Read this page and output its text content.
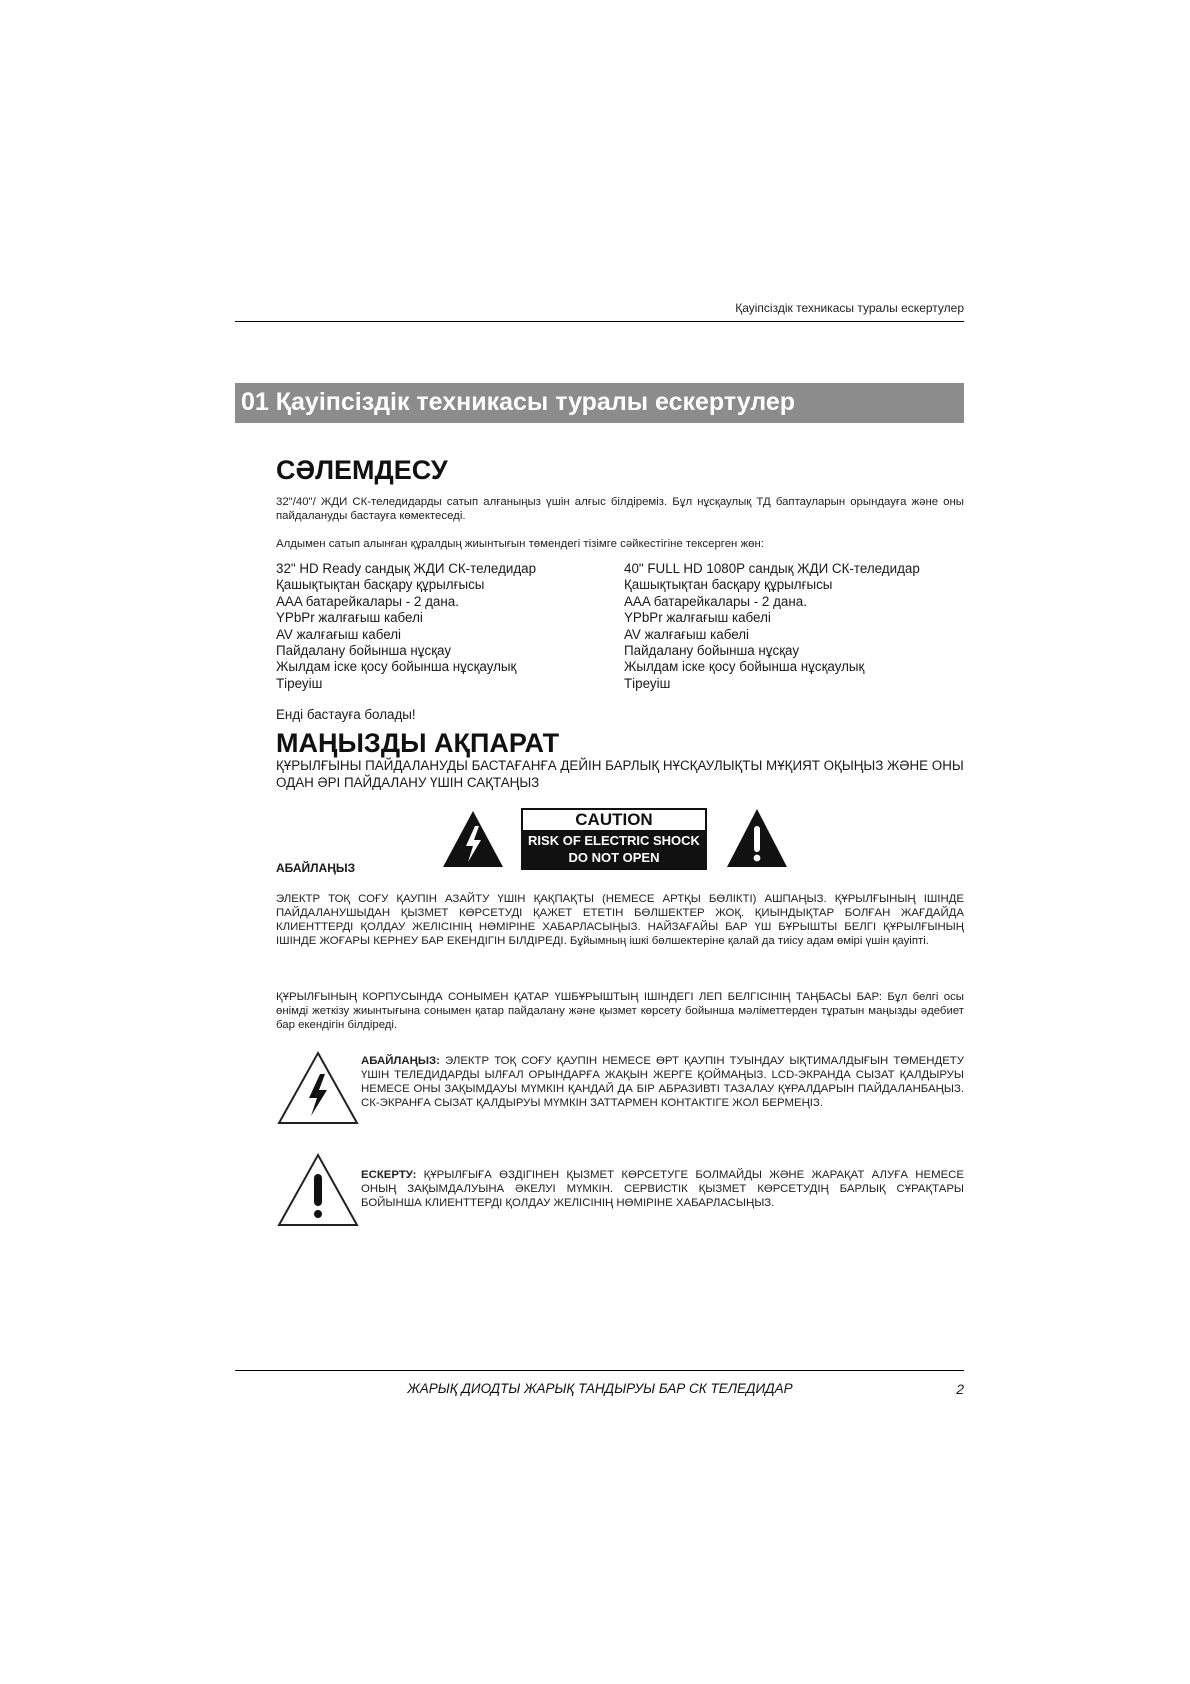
Қауіпсіздік техникасы туралы ескертулер
01 Қауіпсіздік техникасы туралы ескертулер
СӘЛЕМДЕСУ
32"/40"/ ЖДИ СК-теледидарды сатып алғаныңыз үшін алғыс білдіреміз. Бұл нұсқаулық ТД баптауларын орындауға және оны пайдалануды бастауға көмектеседі.
Алдымен сатып алынған құралдың жиынтығын төмендегі тізімге сәйкестігіне тексерген жөн:
32" HD Ready сандық ЖДИ СК-теледидар
Қашықтықтан басқару құрылғысы
AAA батарейкалары - 2 дана.
YPbPr жалғағыш кабелі
AV жалғағыш кабелі
Пайдалану бойынша нұсқау
Жылдам іске қосу бойынша нұсқаулық
Тіреуіш
40" FULL HD 1080P сандық ЖДИ СК-теледидар
Қашықтықтан басқару құрылғысы
AAA батарейкалары - 2 дана.
YPbPr жалғағыш кабелі
AV жалғағыш кабелі
Пайдалану бойынша нұсқау
Жылдам іске қосу бойынша нұсқаулық
Тіреуіш
Енді бастауға болады!
МАҢЫЗДЫ АҚПАРАТ
ҚҰРЫЛҒЫНЫ ПАЙДАЛАНУДЫ БАСТАҒАНҒА ДЕЙІН БАРЛЫҚ НҰСҚАУЛЫҚТЫ МҰҚИЯТ ОҚЫҢЫЗ ЖӘНЕ ОНЫ ОДАН ӘРІ ПАЙДАЛАНУ ҮШІН САҚТАҢЫЗ
АБАЙЛАҢЫЗ
CAUTION
RISK OF ELECTRIC SHOCK
DO NOT OPEN
ЭЛЕКТР ТОҚ СОҒУ ҚАУПІН АЗАЙТУ ҮШІН ҚАҚПАҚТЫ (НЕМЕСЕ АРТҚЫ БӨЛІКТІ) АШПАҢЫЗ. ҚҰРЫЛҒЫНЫҢ ІШІНДЕ ПАЙДАЛАНУШЫДАН ҚЫЗМЕТ КӨРСЕТУДІ ҚАЖЕТ ЕТЕТІН БӨЛШЕКТЕР ЖОҚ. ҚИЫНДЫҚТАР БОЛҒАН ЖАҒДАЙДА КЛИЕНТТЕРДІ ҚОЛДАУ ЖЕЛІСІНІҢ НӨМІРІНЕ ХАБАРЛАСЫҢЫЗ. НАЙЗАҒАЙЫ БАР ҮШ БҰРЫШТЫ БЕЛГІ ҚҰРЫЛҒЫНЫҢ ІШІНДЕ ЖОҒАРЫ КЕРНЕУ БАР ЕКЕНДІГІН БІЛДІРЕДІ. Бұйымның ішкі бөлшектеріне қалай да тиісу адам өмірі үшін қауіпті.
ҚҰРЫЛҒЫНЫҢ КОРПУСЫНДА СОНЫМЕН ҚАТАР ҮШБҰРЫШТЫҢ ІШІНДЕГІ ЛЕП БЕЛГІСІНІҢ ТАҢБАСЫ БАР: Бұл белгі осы өнімді жеткізу жиынтығына сонымен қатар пайдалану және қызмет көрсету бойынша мәліметтерден тұратын маңызды әдебиет бар екендігін білдіреді.
АБАЙЛАҢЫЗ: ЭЛЕКТР ТОҚ СОҒУ ҚАУПІН НЕМЕСЕ ӨРТ ҚАУПІН ТУЫНДАУ ЫҚТИМАЛДЫҒЫН ТӨМЕНДЕТУ ҮШІН ТЕЛЕДИДАРДЫ ЫЛҒАЛ ОРЫНДАРҒА ЖАҚЫН ЖЕРГЕ ҚОЙМАҢЫЗ. LCD-ЭКРАНДА СЫЗАТ ҚАЛДЫРУЫ НЕМЕСЕ ОНЫ ЗАҚЫМДАУЫ МҮМКІН ҚАНДАЙ ДА БІР АБРАЗИВТІ ТАЗАЛАУ ҚҰРАЛДАРЫН ПАЙДАЛАНБАҢЫЗ. СК-ЭКРАНҒА СЫЗАТ ҚАЛДЫРУЫ МҮМКІН ЗАТТАРМЕН КОНТАКТІГЕ ЖОЛ БЕРМЕҢІЗ.
ЕСКЕРТУ: ҚҰРЫЛҒЫҒА ӨЗДІГІНЕН ҚЫЗМЕТ КӨРСЕТУГЕ БОЛМАЙДЫ ЖӘНЕ ЖАРАҚАТ АЛУҒА НЕМЕСЕ ОНЫҢ ЗАҚЫМДАЛУЫНА ӘКЕЛУІ МҮМКІН. СЕРВИСТІК ҚЫЗМЕТ КӨРСЕТУДІҢ БАРЛЫҚ СҰРАҚТАРЫ БОЙЫНША КЛИЕНТТЕРДІ ҚОЛДАУ ЖЕЛІСІНІҢ НӨМІРІНЕ ХАБАРЛАСЫҢЫЗ.
ЖАРЫҚ ДИОДТЫ ЖАРЫҚ ТАНДЫРУЫ БАР СК ТЕЛЕДИДАР	2
